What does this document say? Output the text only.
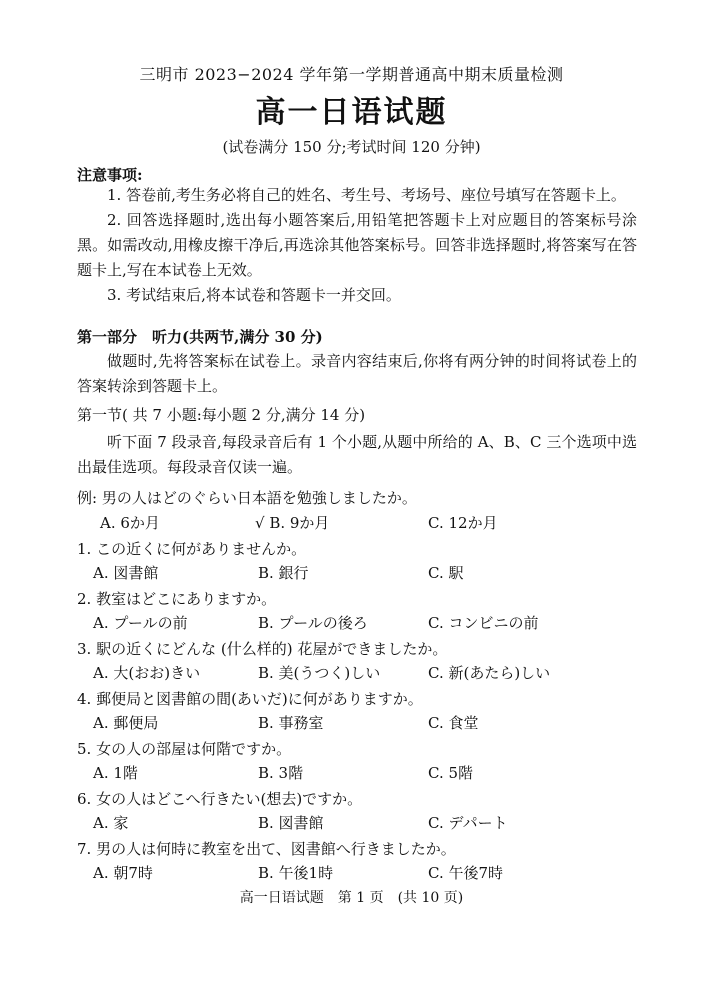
三明市 2023−2024 学年第一学期普通高中期末质量检测
高一日语试题
(试卷满分 150 分;考试时间 120 分钟)
注意事项:
1. 答卷前,考生务必将自己的姓名、考生号、考场号、座位号填写在答题卡上。
2. 回答选择题时,选出每小题答案后,用铅笔把答题卡上对应题目的答案标号涂黑。如需改动,用橡皮擦干净后,再选涂其他答案标号。回答非选择题时,将答案写在答题卡上,写在本试卷上无效。
3. 考试结束后,将本试卷和答题卡一并交回。
第一部分　听力(共两节,满分 30 分)
做题时,先将答案标在试卷上。录音内容结束后,你将有两分钟的时间将试卷上的答案转涂到答题卡上。
第一节( 共 7 小题:每小题 2 分,满分 14 分)
听下面 7 段录音,每段录音后有 1 个小题,从题中所给的 A、B、C 三个选项中选出最佳选项。每段录音仅读一遍。
例: 男の人はどのぐらい日本語を勉強しましたか。
A. 6か月	√ B. 9か月	C. 12か月
1. この近くに何がありませんか。
A. 図書館	B. 銀行	C. 駅
2. 教室はどこにありますか。
A. プールの前	B. プールの後ろ	C. コンビニの前
3. 駅の近くにどんな (什么样的) 花屋ができましたか。
A. 大(おお)きい	B. 美(うつく)しい	C. 新(あたら)しい
4. 郵便局と図書館の間(あいだ)に何がありますか。
A. 郵便局	B. 事務室	C. 食堂
5. 女の人の部屋は何階ですか。
A. 1階	B. 3階	C. 5階
6. 女の人はどこへ行きたい(想去)ですか。
A. 家	B. 図書館	C. デパート
7. 男の人は何時に教室を出て、図書館へ行きましたか。
A. 朝7時	B. 午後1時	C. 午後7時
高一日语试题　第 1 页　(共 10 页)
